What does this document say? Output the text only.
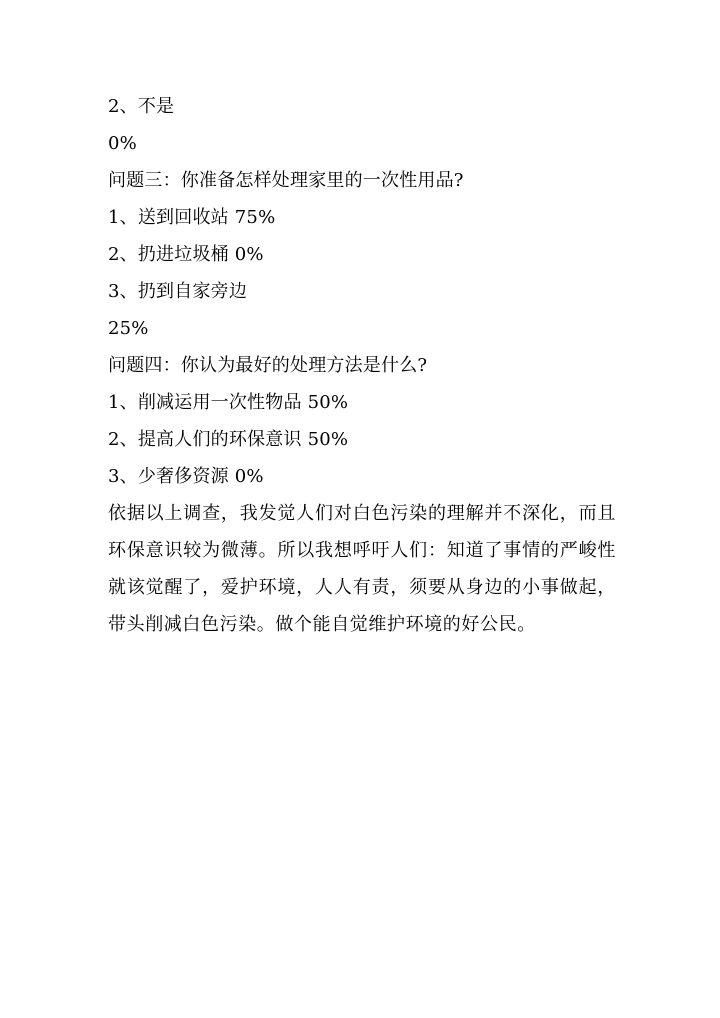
2、不是
0%
问题三：你准备怎样处理家里的一次性用品?
1、送到回收站 75%
2、扔进垃圾桶 0%
3、扔到自家旁边
25%
问题四：你认为最好的处理方法是什么?
1、削减运用一次性物品 50%
2、提高人们的环保意识 50%
3、少奢侈资源 0%
依据以上调查，我发觉人们对白色污染的理解并不深化，而且环保意识较为微薄。所以我想呼吁人们：知道了事情的严峻性就该觉醒了，爱护环境，人人有责，须要从身边的小事做起，带头削减白色污染。做个能自觉维护环境的好公民。
